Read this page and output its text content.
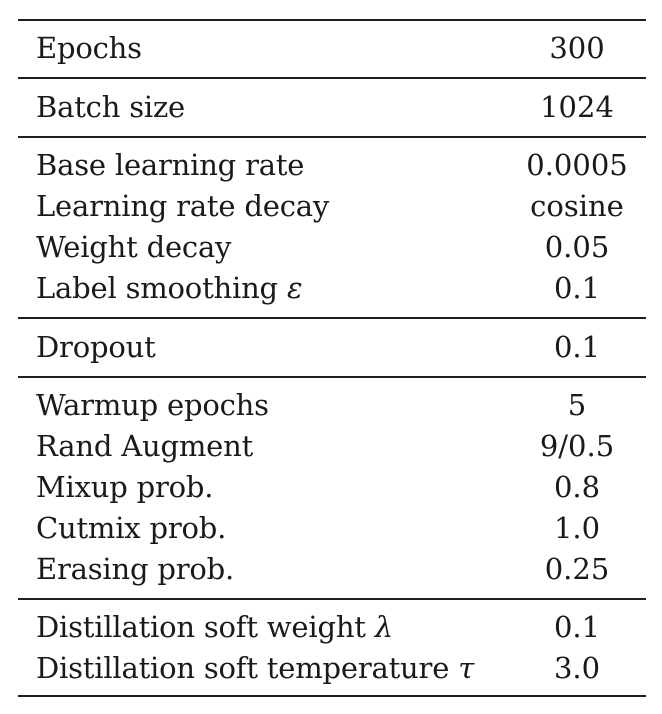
Epochs	300
Batch size	1024
Base learning rate	0.0005
Learning rate decay	cosine
Weight decay	0.05
Label smoothing ε	0.1
Dropout	0.1
Warmup epochs	5
Rand Augment	9/0.5
Mixup prob.	0.8
Cutmix prob.	1.0
Erasing prob.	0.25
Distillation soft weight λ	0.1
Distillation soft temperature τ	3.0
